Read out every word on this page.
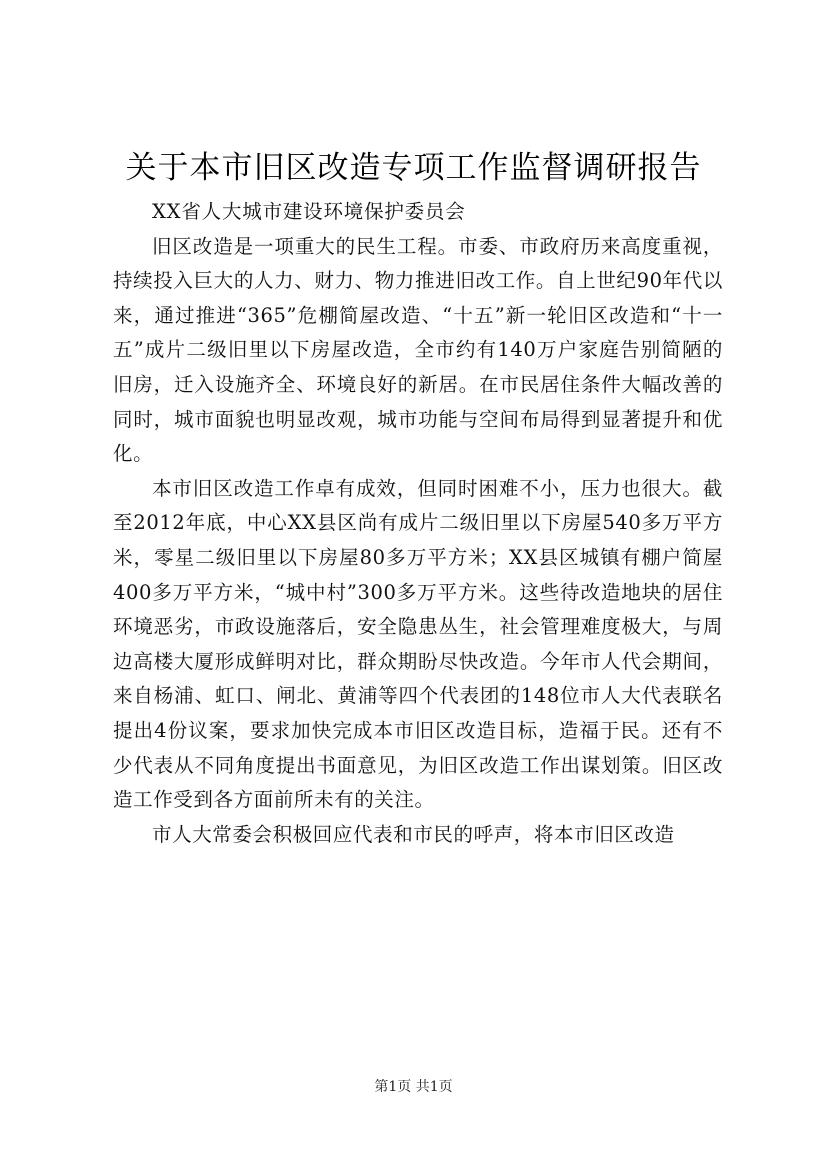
关于本市旧区改造专项工作监督调研报告

XX省人大城市建设环境保护委员会

旧区改造是一项重大的民生工程。市委、市政府历来高度重视，持续投入巨大的人力、财力、物力推进旧改工作。自上世纪90年代以来，通过推进“365”危棚简屋改造、“十五”新一轮旧区改造和“十一五”成片二级旧里以下房屋改造，全市约有140万户家庭告别简陋的旧房，迁入设施齐全、环境良好的新居。在市民居住条件大幅改善的同时，城市面貌也明显改观，城市功能与空间布局得到显著提升和优化。

本市旧区改造工作卓有成效，但同时困难不小，压力也很大。截至2012年底，中心XX县区尚有成片二级旧里以下房屋540多万平方米，零星二级旧里以下房屋80多万平方米；XX县区城镇有棚户简屋400多万平方米，“城中村”300多万平方米。这些待改造地块的居住环境恶劣，市政设施落后，安全隐患丛生，社会管理难度极大，与周边高楼大厦形成鲜明对比，群众期盼尽快改造。今年市人代会期间，来自杨浦、虹口、闸北、黄浦等四个代表团的148位市人大代表联名提出4份议案，要求加快完成本市旧区改造目标，造福于民。还有不少代表从不同角度提出书面意见，为旧区改造工作出谋划策。旧区改造工作受到各方面前所未有的关注。

市人大常委会积极回应代表和市民的呼声，将本市旧区改造

第1页 共1页
